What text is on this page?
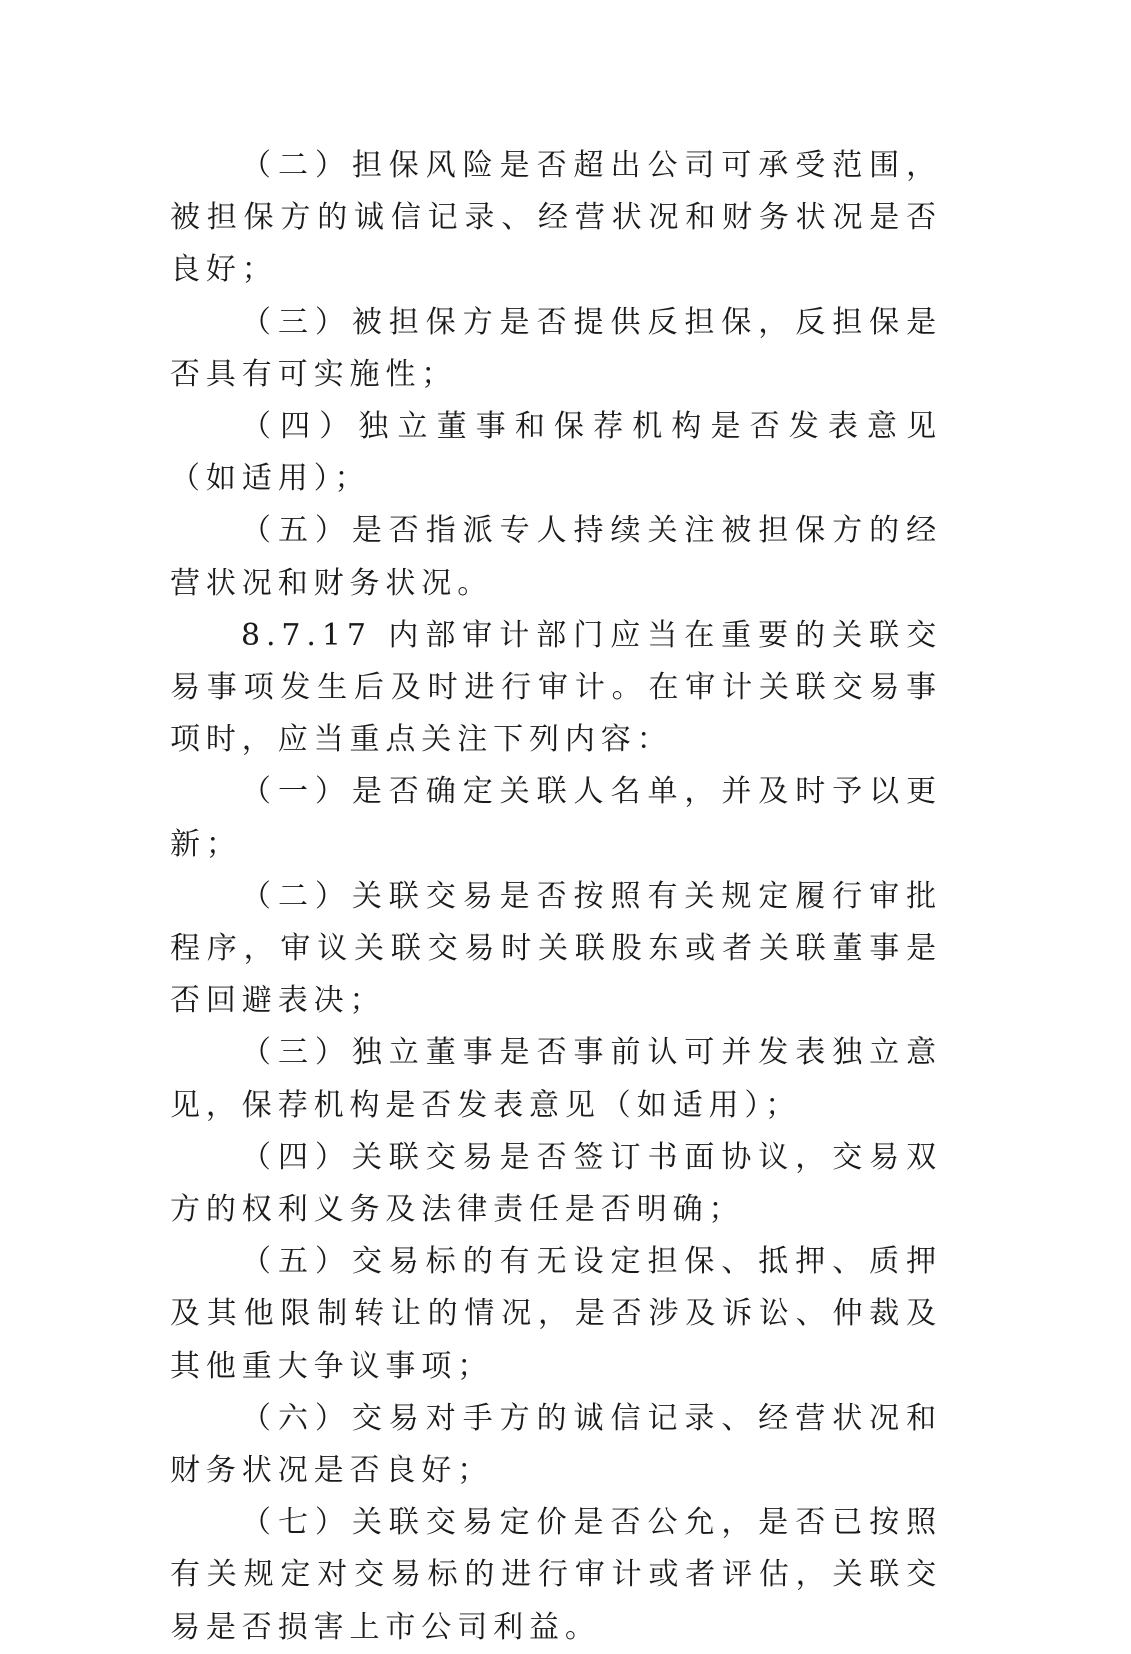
（二）担保风险是否超出公司可承受范围，被担保方的诚信记录、经营状况和财务状况是否良好；

（三）被担保方是否提供反担保，反担保是否具有可实施性；

（四）独立董事和保荐机构是否发表意见（如适用）；

（五）是否指派专人持续关注被担保方的经营状况和财务状况。

8.7.17 内部审计部门应当在重要的关联交易事项发生后及时进行审计。在审计关联交易事项时，应当重点关注下列内容：

（一）是否确定关联人名单，并及时予以更新；

（二）关联交易是否按照有关规定履行审批程序，审议关联交易时关联股东或者关联董事是否回避表决；

（三）独立董事是否事前认可并发表独立意见，保荐机构是否发表意见（如适用）；

（四）关联交易是否签订书面协议，交易双方的权利义务及法律责任是否明确；

（五）交易标的有无设定担保、抵押、质押及其他限制转让的情况，是否涉及诉讼、仲裁及其他重大争议事项；

（六）交易对手方的诚信记录、经营状况和财务状况是否良好；

（七）关联交易定价是否公允，是否已按照有关规定对交易标的进行审计或者评估，关联交易是否损害上市公司利益。
